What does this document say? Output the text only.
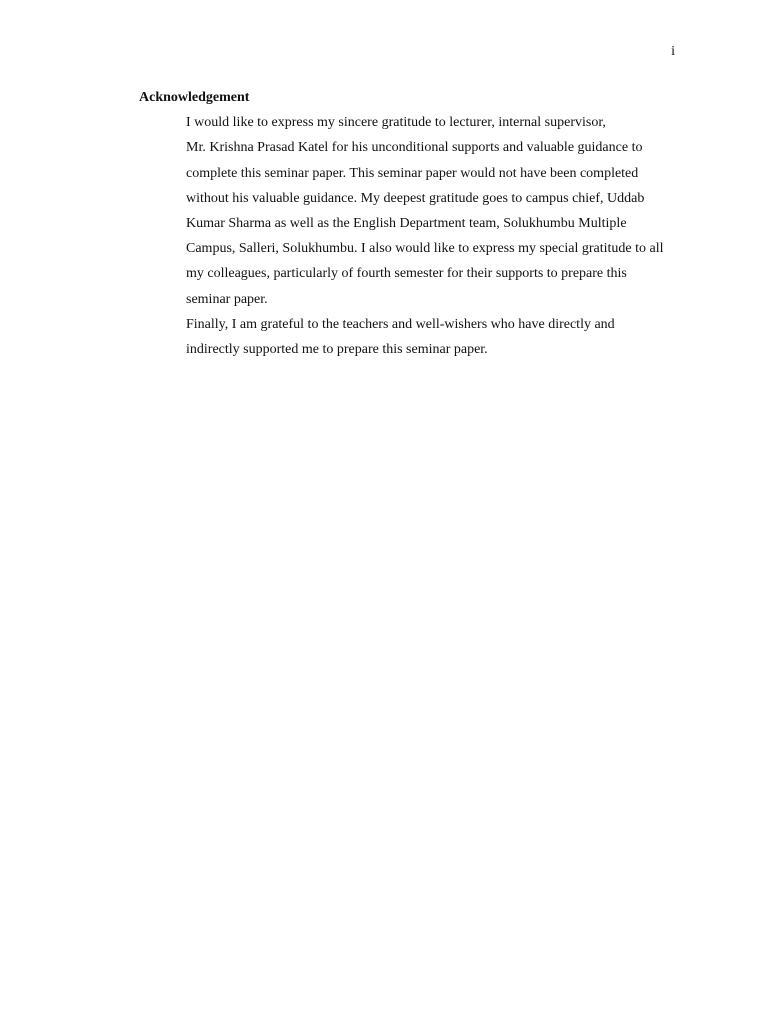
i

Acknowledgement

I would like to express my sincere gratitude to lecturer, internal supervisor,
Mr. Krishna Prasad Katel for his unconditional supports and valuable guidance to
complete this seminar paper. This seminar paper would not have been completed
without his valuable guidance. My deepest gratitude goes to campus chief, Uddab
Kumar Sharma as well as the English Department team, Solukhumbu Multiple
Campus, Salleri, Solukhumbu. I also would like to express my special gratitude to all
my colleagues, particularly of fourth semester for their supports to prepare this
seminar paper.

Finally, I am grateful to the teachers and well-wishers who have directly and
indirectly supported me to prepare this seminar paper.
